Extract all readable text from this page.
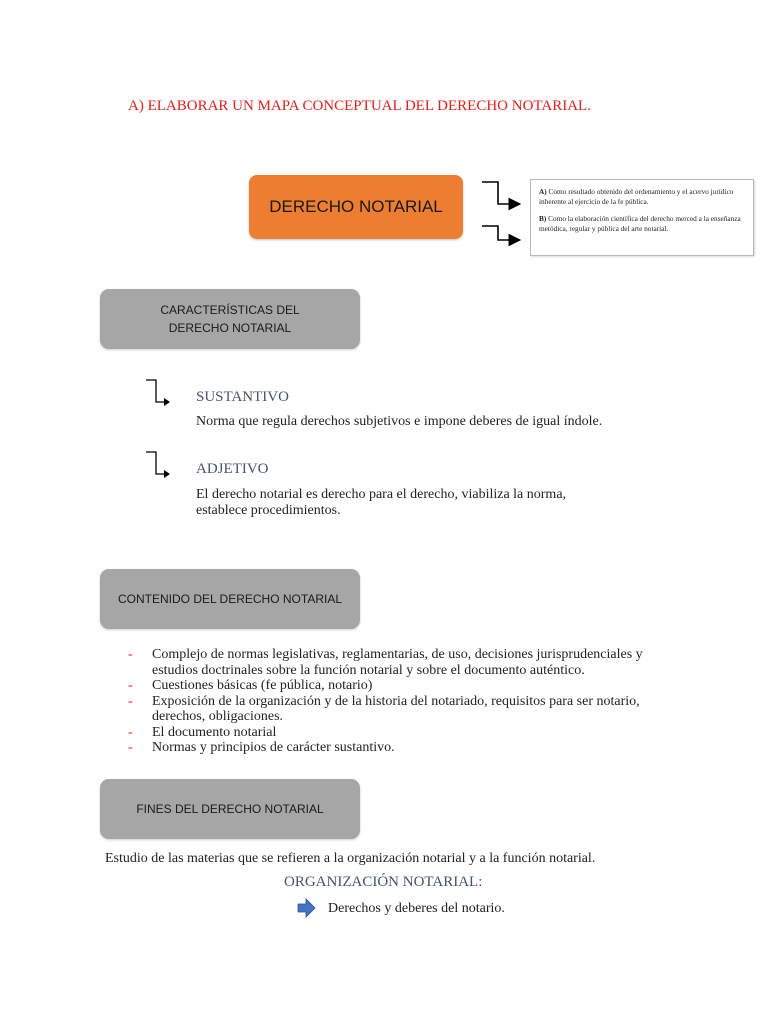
A) ELABORAR UN MAPA CONCEPTUAL DEL DERECHO NOTARIAL.
DERECHO NOTARIAL

A) Como resultado obtenido del ordenamiento y el acervo jurídico inherente al ejercicio de la fe pública.

B) Como la elaboración científica del derecho merced a la enseñanza metódica, regular y pública del arte notarial.

CARACTERÍSTICAS DEL DERECHO NOTARIAL
SUSTANTIVO
Norma que regula derechos subjetivos e impone deberes de igual índole.
ADJETIVO
El derecho notarial es derecho para el derecho, viabiliza la norma, establece procedimientos.
CONTENIDO DEL DERECHO NOTARIAL
- Complejo de normas legislativas, reglamentarias, de uso, decisiones jurisprudenciales y estudios doctrinales sobre la función notarial y sobre el documento auténtico.
- Cuestiones básicas (fe pública, notario)
- Exposición de la organización y de la historia del notariado, requisitos para ser notario, derechos, obligaciones.
- El documento notarial
- Normas y principios de carácter sustantivo.
FINES DEL DERECHO NOTARIAL
Estudio de las materias que se refieren a la organización notarial y a la función notarial.
ORGANIZACIÓN NOTARIAL:
Derechos y deberes del notario.
